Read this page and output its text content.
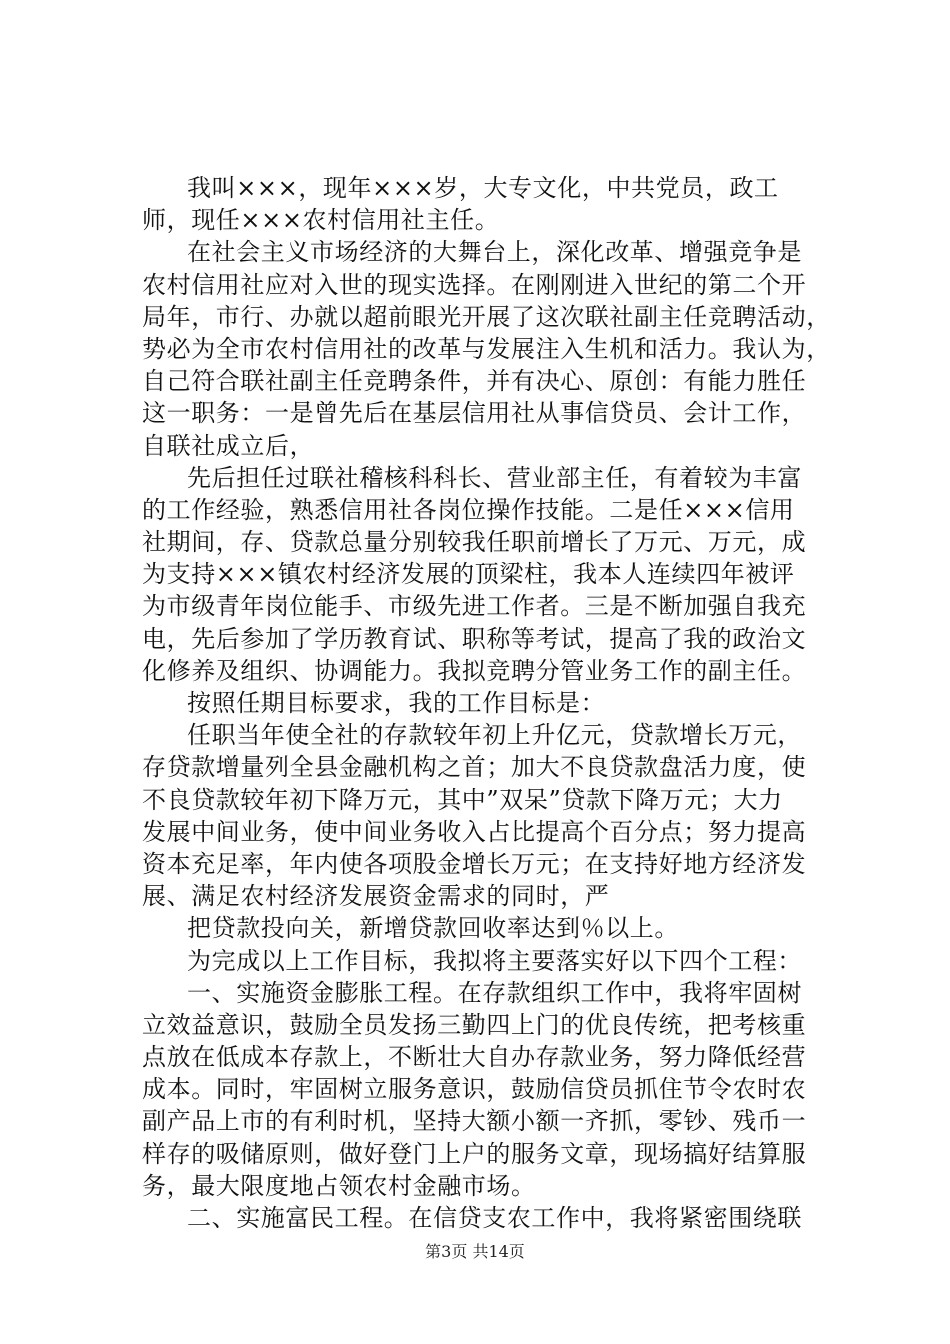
我叫×××，现年×××岁，大专文化，中共党员，政工
师，现任×××农村信用社主任。
在社会主义市场经济的大舞台上，深化改革、增强竞争是
农村信用社应对入世的现实选择。在刚刚进入世纪的第二个开
局年，市行、办就以超前眼光开展了这次联社副主任竞聘活动，
势必为全市农村信用社的改革与发展注入生机和活力。我认为，
自己符合联社副主任竞聘条件，并有决心、原创：有能力胜任
这一职务：一是曾先后在基层信用社从事信贷员、会计工作，
自联社成立后，
先后担任过联社稽核科科长、营业部主任，有着较为丰富
的工作经验，熟悉信用社各岗位操作技能。二是任×××信用
社期间，存、贷款总量分别较我任职前增长了万元、万元，成
为支持×××镇农村经济发展的顶梁柱，我本人连续四年被评
为市级青年岗位能手、市级先进工作者。三是不断加强自我充
电，先后参加了学历教育试、职称等考试，提高了我的政治文
化修养及组织、协调能力。我拟竞聘分管业务工作的副主任。
按照任期目标要求，我的工作目标是：
任职当年使全社的存款较年初上升亿元，贷款增长万元，
存贷款增量列全县金融机构之首；加大不良贷款盘活力度，使
不良贷款较年初下降万元，其中”双呆”贷款下降万元；大力
发展中间业务，使中间业务收入占比提高个百分点；努力提高
资本充足率，年内使各项股金增长万元；在支持好地方经济发
展、满足农村经济发展资金需求的同时，严
把贷款投向关，新增贷款回收率达到％以上。
为完成以上工作目标，我拟将主要落实好以下四个工程：
一、实施资金膨胀工程。在存款组织工作中，我将牢固树
立效益意识，鼓励全员发扬三勤四上门的优良传统，把考核重
点放在低成本存款上，不断壮大自办存款业务，努力降低经营
成本。同时，牢固树立服务意识，鼓励信贷员抓住节令农时农
副产品上市的有利时机，坚持大额小额一齐抓，零钞、残币一
样存的吸储原则，做好登门上户的服务文章，现场搞好结算服
务，最大限度地占领农村金融市场。
二、实施富民工程。在信贷支农工作中，我将紧密围绕联
第3页 共14页
